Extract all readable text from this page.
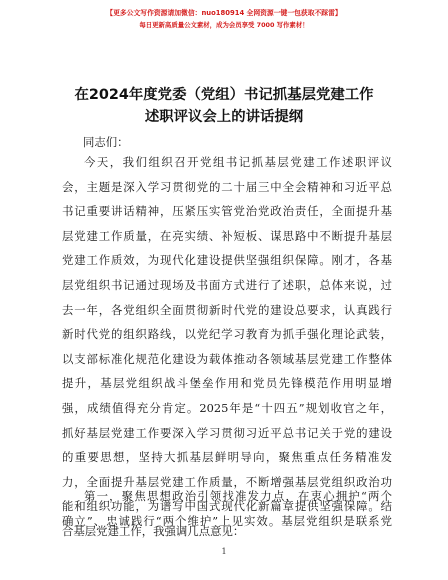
【更多公文写作资源请加微信：nuo180914 全网资源一键一包获取不踩雷】
每日更新高质量公文素材，成为会员享受 7000 写作素材！
在2024年度党委（党组）书记抓基层党建工作
述职评议会上的讲话提纲
同志们：
今天，我们组织召开党组书记抓基层党建工作述职评议
会，主题是深入学习贯彻党的二十届三中全会精神和习近平总
书记重要讲话精神，压紧压实管党治党政治责任，全面提升基
层党建工作质量，在亮实绩、补短板、谋思路中不断提升基层
党建工作质效，为现代化建设提供坚强组织保障。刚才，各基
层党组织书记通过现场及书面方式进行了述职，总体来说，过
去一年，各党组织全面贯彻新时代党的建设总要求，认真践行
新时代党的组织路线，以党纪学习教育为抓手强化理论武装，
以支部标准化规范化建设为载体推动各领域基层党建工作整体
提升，基层党组织战斗堡垒作用和党员先锋模范作用明显增
强，成绩值得充分肯定。2025年是“十四五”规划收官之年，
抓好基层党建工作要深入学习贯彻习近平总书记关于党的建设
的重要思想，坚持大抓基层鲜明导向，聚焦重点任务精准发
力，全面提升基层党建工作质量，不断增强基层党组织政治功
能和组织功能，为谱写中国式现代化新篇章提供坚强保障。结
合基层党建工作，我强调几点意见：
第一，聚焦思想政治引领找准发力点，在衷心拥护“两个
确立”、忠诚践行“两个维护”上见实效。基层党组织是联系党
1
